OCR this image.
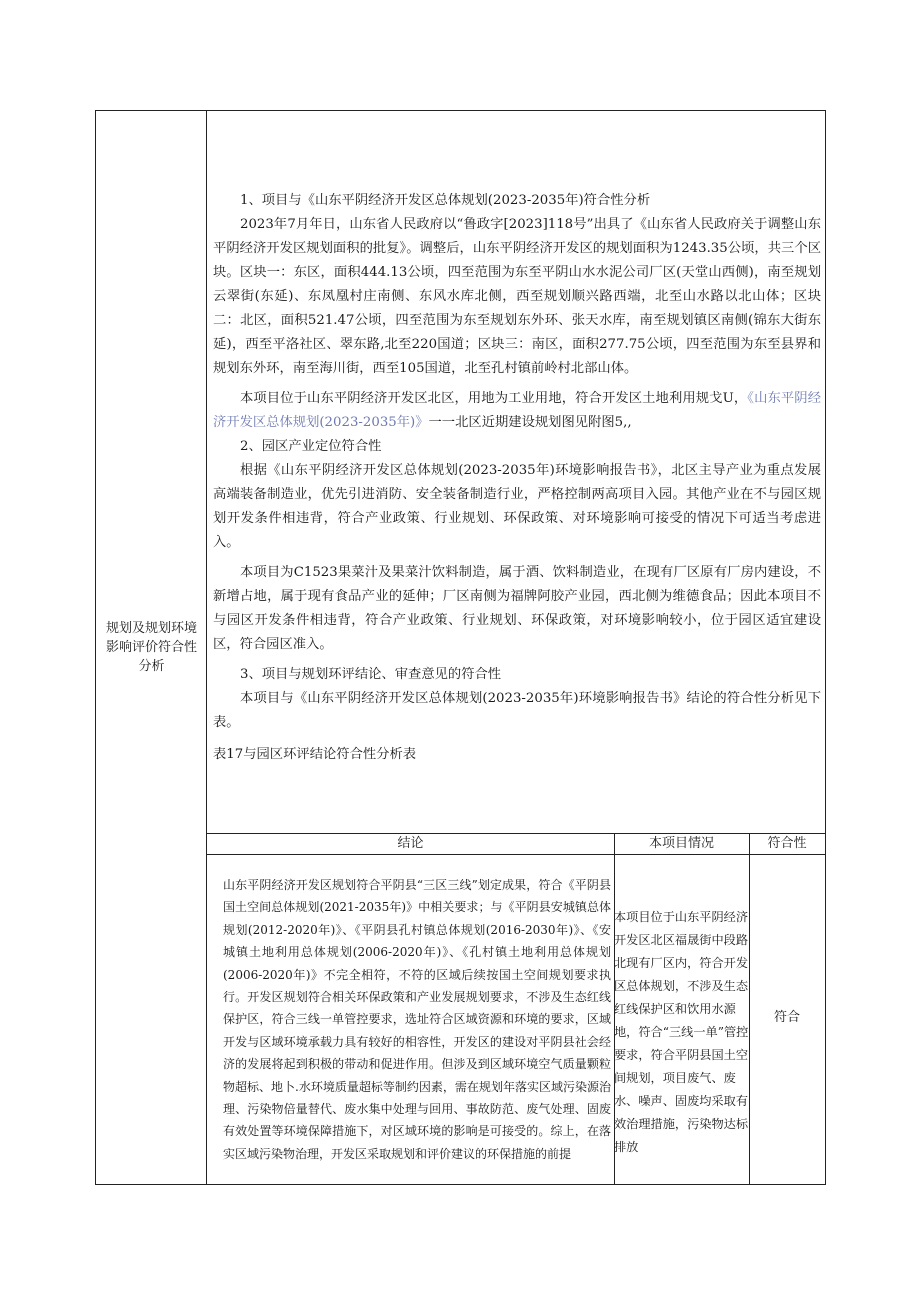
规划及规划环境影响评价符合性分析

1、项目与《山东平阴经济开发区总体规划(2023-2035年)符合性分析

2023年7月年日，山东省人民政府以“鲁政字[2023]118号”出具了《山东省人民政府关于调整山东平阴经济开发区规划面积的批复》。调整后，山东平阴经济开发区的规划面积为1243.35公顷，共三个区块。区块一：东区，面积444.13公顷，四至范围为东至平阴山水水泥公司厂区(天堂山西侧)，南至规划云翠街(东延)、东凤凰村庄南侧、东风水库北侧，西至规划顺兴路西端，北至山水路以北山体；区块二：北区，面积521.47公顷，四至范围为东至规划东外环、张天水库，南至规划镇区南侧(锦东大街东延)，西至平洛社区、翠东路,北至220国道；区块三：南区，面积277.75公顷，四至范围为东至县界和规划东外环，南至海川街，西至105国道，北至孔村镇前岭村北部山体。

本项目位于山东平阴经济开发区北区，用地为工业用地，符合开发区土地利用规戈U，《山东平阴经济开发区总体规划(2023-2035年)》一一北区近期建设规划图见附图5,,

2、园区产业定位符合性

根据《山东平阴经济开发区总体规划(2023-2035年)环境影响报告书》，北区主导产业为重点发展高端装备制造业，优先引进消防、安全装备制造行业，严格控制两高项目入园。其他产业在不与园区规划开发条件相违背，符合产业政策、行业规划、环保政策、对环境影响可接受的情况下可适当考虑进入。

本项目为C1523果菜汁及果菜汁饮料制造，属于酒、饮料制造业，在现有厂区原有厂房内建设，不新增占地，属于现有食品产业的延伸；厂区南侧为福牌阿胶产业园，西北侧为维德食品；因此本项目不与园区开发条件相违背，符合产业政策、行业规划、环保政策，对环境影响较小，位于园区适宜建设区，符合园区准入。

3、项目与规划环评结论、审查意见的符合性

本项目与《山东平阴经济开发区总体规划(2023-2035年)环境影响报告书》结论的符合性分析见下表。

表17与园区环评结论符合性分析表

结论	本项目情况	符合性
山东平阴经济开发区规划符合平阴县“三区三线”划定成果，符合《平阴县国土空间总体规划(2021-2035年)》中相关要求；与《平阴县安城镇总体规划(2012-2020年)》、《平阴县孔村镇总体规划(2016-2030年)》、《安城镇土地利用总体规划(2006-2020年)》、《孔村镇土地利用总体规划(2006-2020年)》不完全相符，不符的区域后续按国土空间规划要求执行。开发区规划符合相关环保政策和产业发展规划要求，不涉及生态红线保护区，符合三线一单管控要求，选址符合区域资源和环境的要求，区域开发与区域环境承载力具有较好的相容性，开发区的建设对平阴县社会经济的发展将起到积极的带动和促进作用。但涉及到区域环境空气质量颗粒物超标、地卜.水环境质量超标等制约因素，需在规划年落实区域污染源治理、污染物倍量替代、废水集中处理与回用、事故防范、废气处理、固废有效处置等环境保障措施下，对区域环境的影响是可接受的。综上，在落实区域污染物治理，开发区采取规划和评价建议的环保措施的前提
本项目位于山东平阴经济开发区北区福晟街中段路北现有厂区内，符合开发区总体规划，不涉及生态红线保护区和饮用水源地，符合“三线一单”管控要求，符合平阴县国土空间规划，项目废气、废水、噪声、固废均采取有效治理措施，污染物达标排放
符合
